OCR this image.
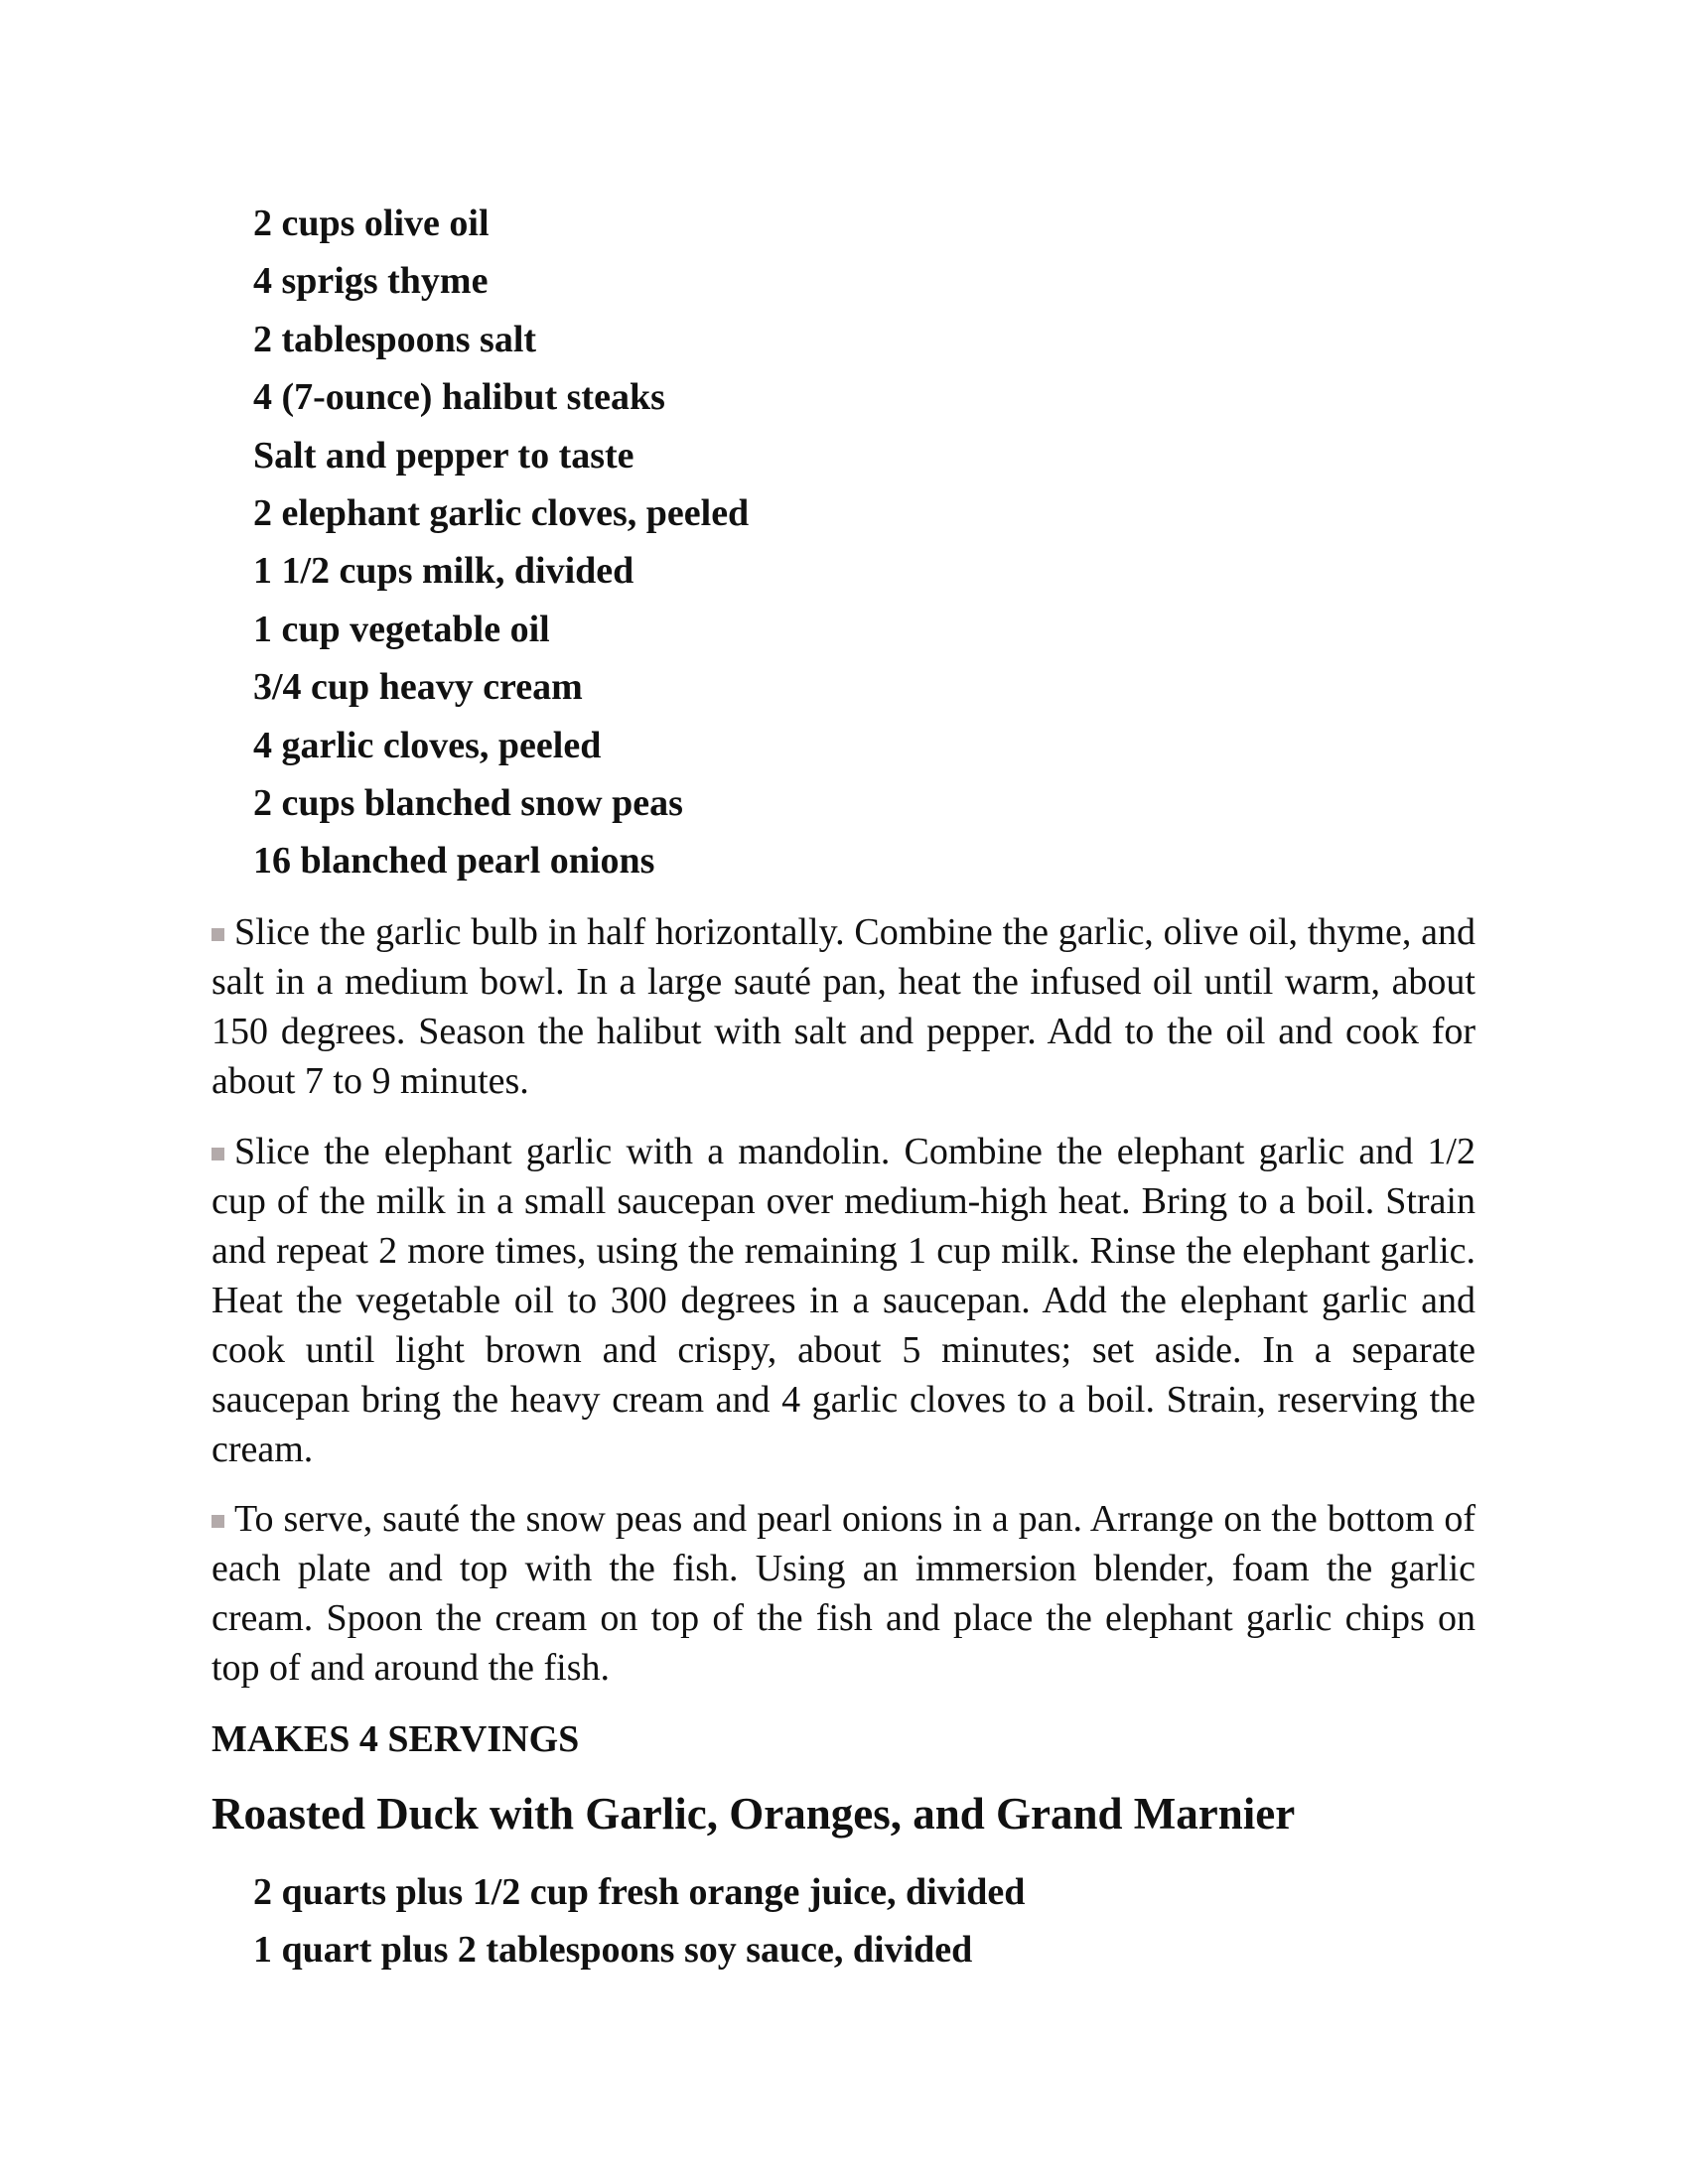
2 cups olive oil
4 sprigs thyme
2 tablespoons salt
4 (7-ounce) halibut steaks
Salt and pepper to taste
2 elephant garlic cloves, peeled
1 1/2 cups milk, divided
1 cup vegetable oil
3/4 cup heavy cream
4 garlic cloves, peeled
2 cups blanched snow peas
16 blanched pearl onions

Slice the garlic bulb in half horizontally. Combine the garlic, olive oil, thyme, and salt in a medium bowl. In a large sauté pan, heat the infused oil until warm, about 150 degrees. Season the halibut with salt and pepper. Add to the oil and cook for about 7 to 9 minutes.

Slice the elephant garlic with a mandolin. Combine the elephant garlic and 1/2 cup of the milk in a small saucepan over medium-high heat. Bring to a boil. Strain and repeat 2 more times, using the remaining 1 cup milk. Rinse the elephant garlic. Heat the vegetable oil to 300 degrees in a saucepan. Add the elephant garlic and cook until light brown and crispy, about 5 minutes; set aside. In a separate saucepan bring the heavy cream and 4 garlic cloves to a boil. Strain, reserving the cream.

To serve, sauté the snow peas and pearl onions in a pan. Arrange on the bottom of each plate and top with the fish. Using an immersion blender, foam the garlic cream. Spoon the cream on top of the fish and place the elephant garlic chips on top of and around the fish.

MAKES 4 SERVINGS

Roasted Duck with Garlic, Oranges, and Grand Marnier
2 quarts plus 1/2 cup fresh orange juice, divided
1 quart plus 2 tablespoons soy sauce, divided
